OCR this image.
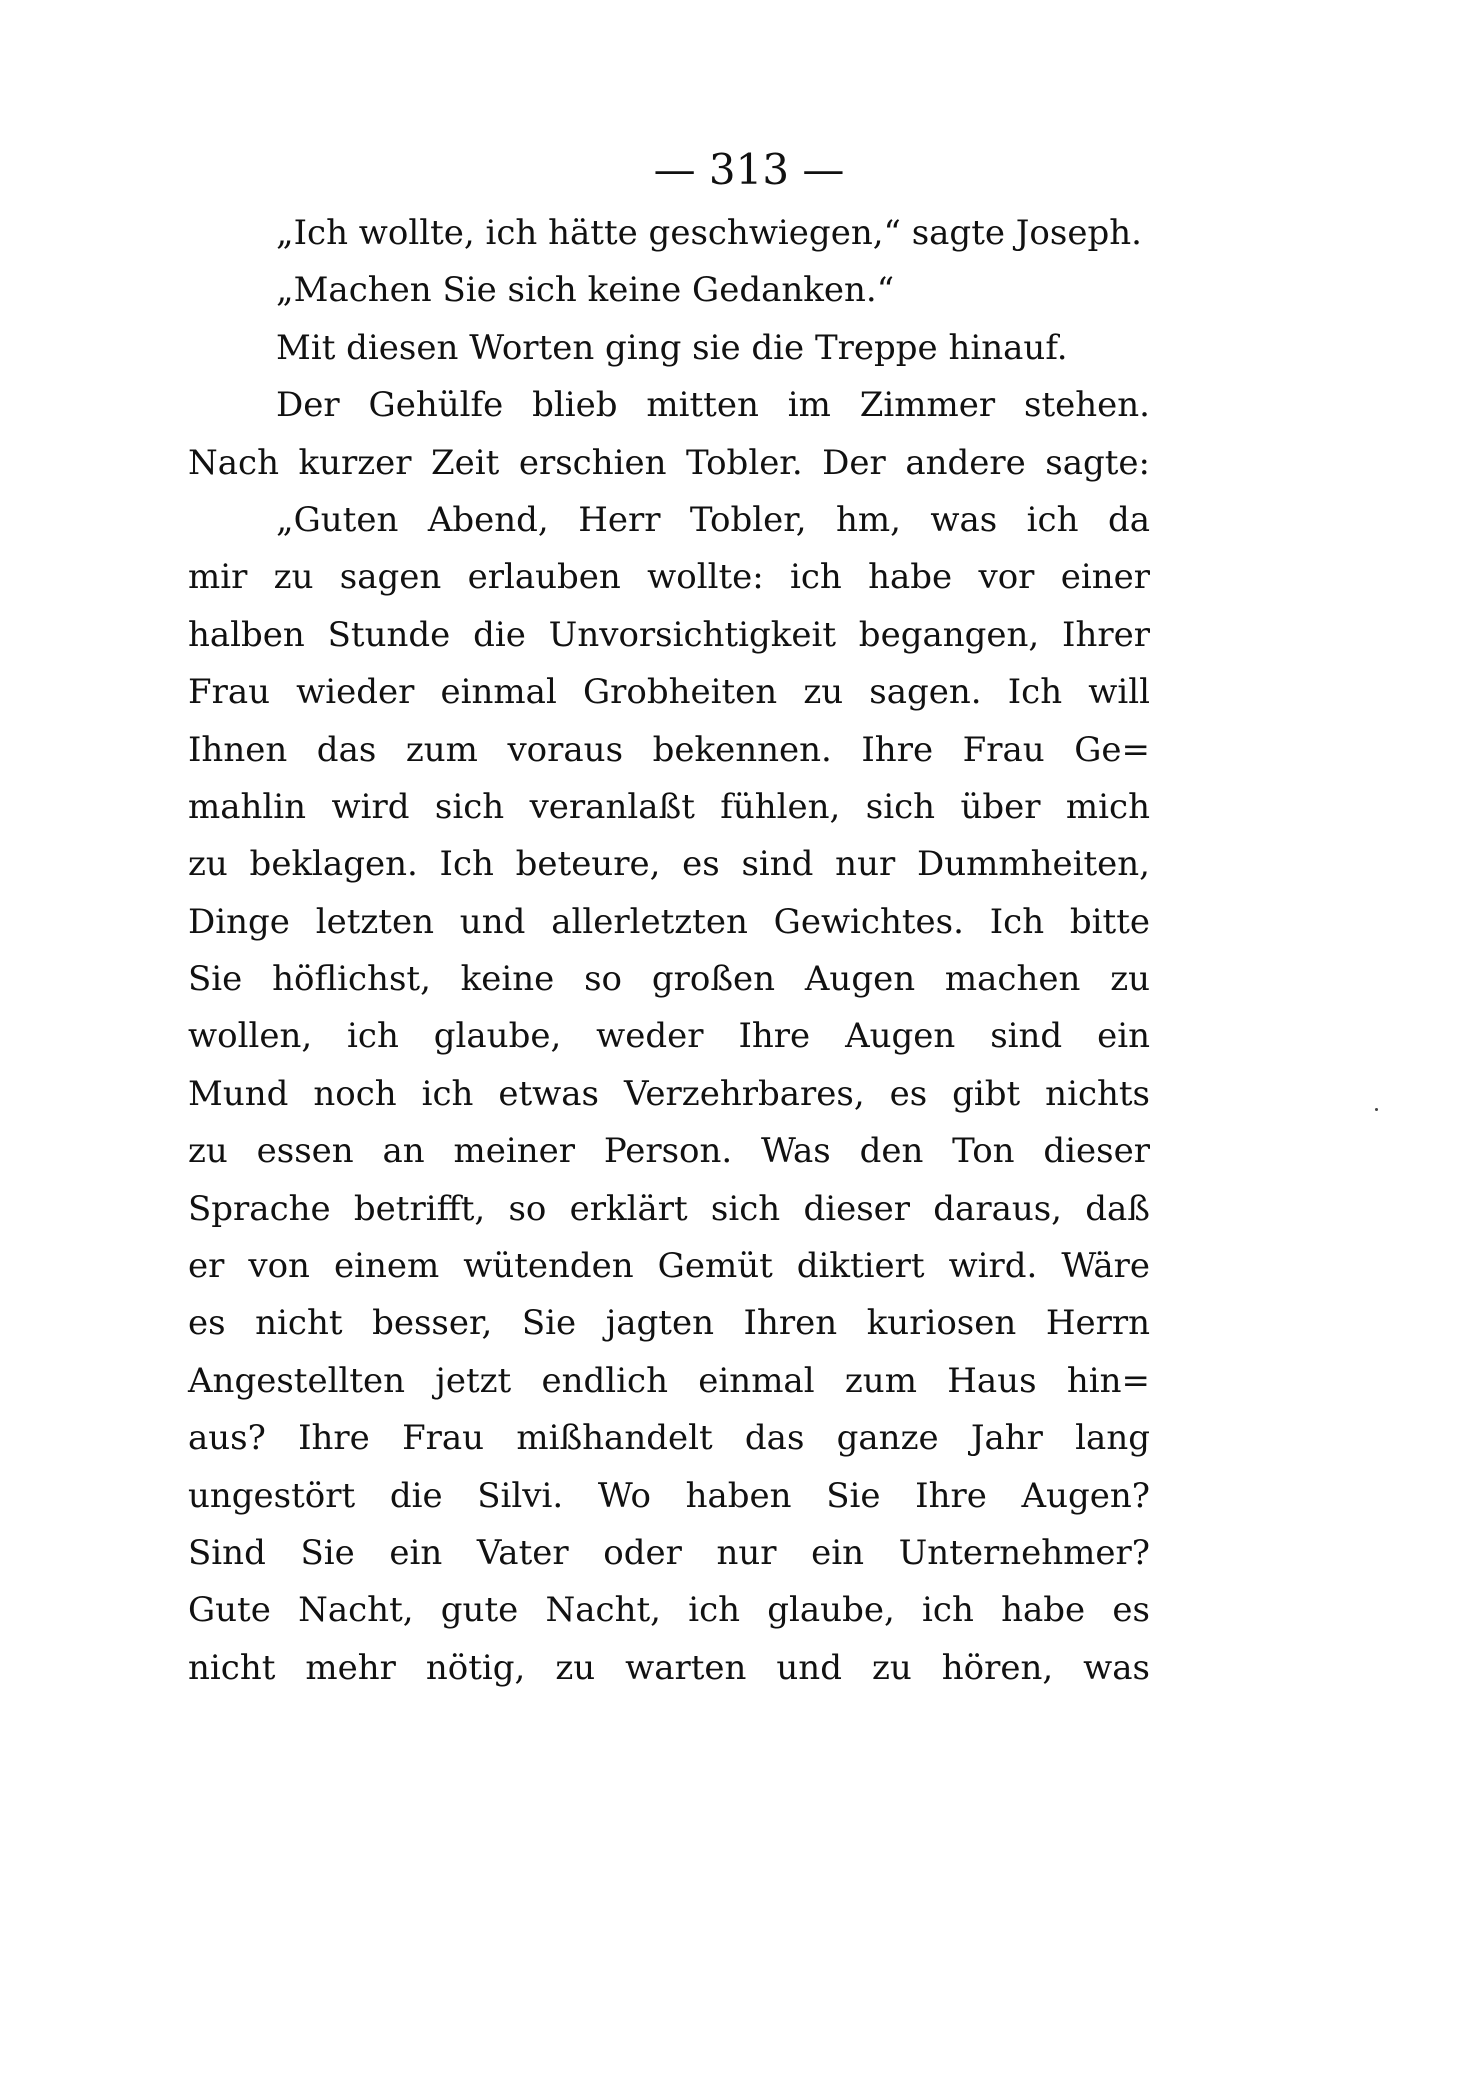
— 313 —
„Ich wollte, ich hätte geschwiegen,“ sagte Joseph.
„Machen Sie sich keine Gedanken.“
Mit diesen Worten ging sie die Treppe hinauf.
Der Gehülfe blieb mitten im Zimmer stehen.
Nach kurzer Zeit erschien Tobler. Der andere sagte:
„Guten Abend, Herr Tobler, hm, was ich da
mir zu sagen erlauben wollte: ich habe vor einer
halben Stunde die Unvorsichtigkeit begangen, Ihrer
Frau wieder einmal Grobheiten zu sagen. Ich will
Ihnen das zum voraus bekennen. Ihre Frau Ge=
mahlin wird sich veranlaßt fühlen, sich über mich
zu beklagen. Ich beteure, es sind nur Dummheiten,
Dinge letzten und allerletzten Gewichtes. Ich bitte
Sie höflichst, keine so großen Augen machen zu
wollen, ich glaube, weder Ihre Augen sind ein
Mund noch ich etwas Verzehrbares, es gibt nichts
zu essen an meiner Person. Was den Ton dieser
Sprache betrifft, so erklärt sich dieser daraus, daß
er von einem wütenden Gemüt diktiert wird. Wäre
es nicht besser, Sie jagten Ihren kuriosen Herrn
Angestellten jetzt endlich einmal zum Haus hin=
aus? Ihre Frau mißhandelt das ganze Jahr lang
ungestört die Silvi. Wo haben Sie Ihre Augen?
Sind Sie ein Vater oder nur ein Unternehmer?
Gute Nacht, gute Nacht, ich glaube, ich habe es
nicht mehr nötig, zu warten und zu hören, was
